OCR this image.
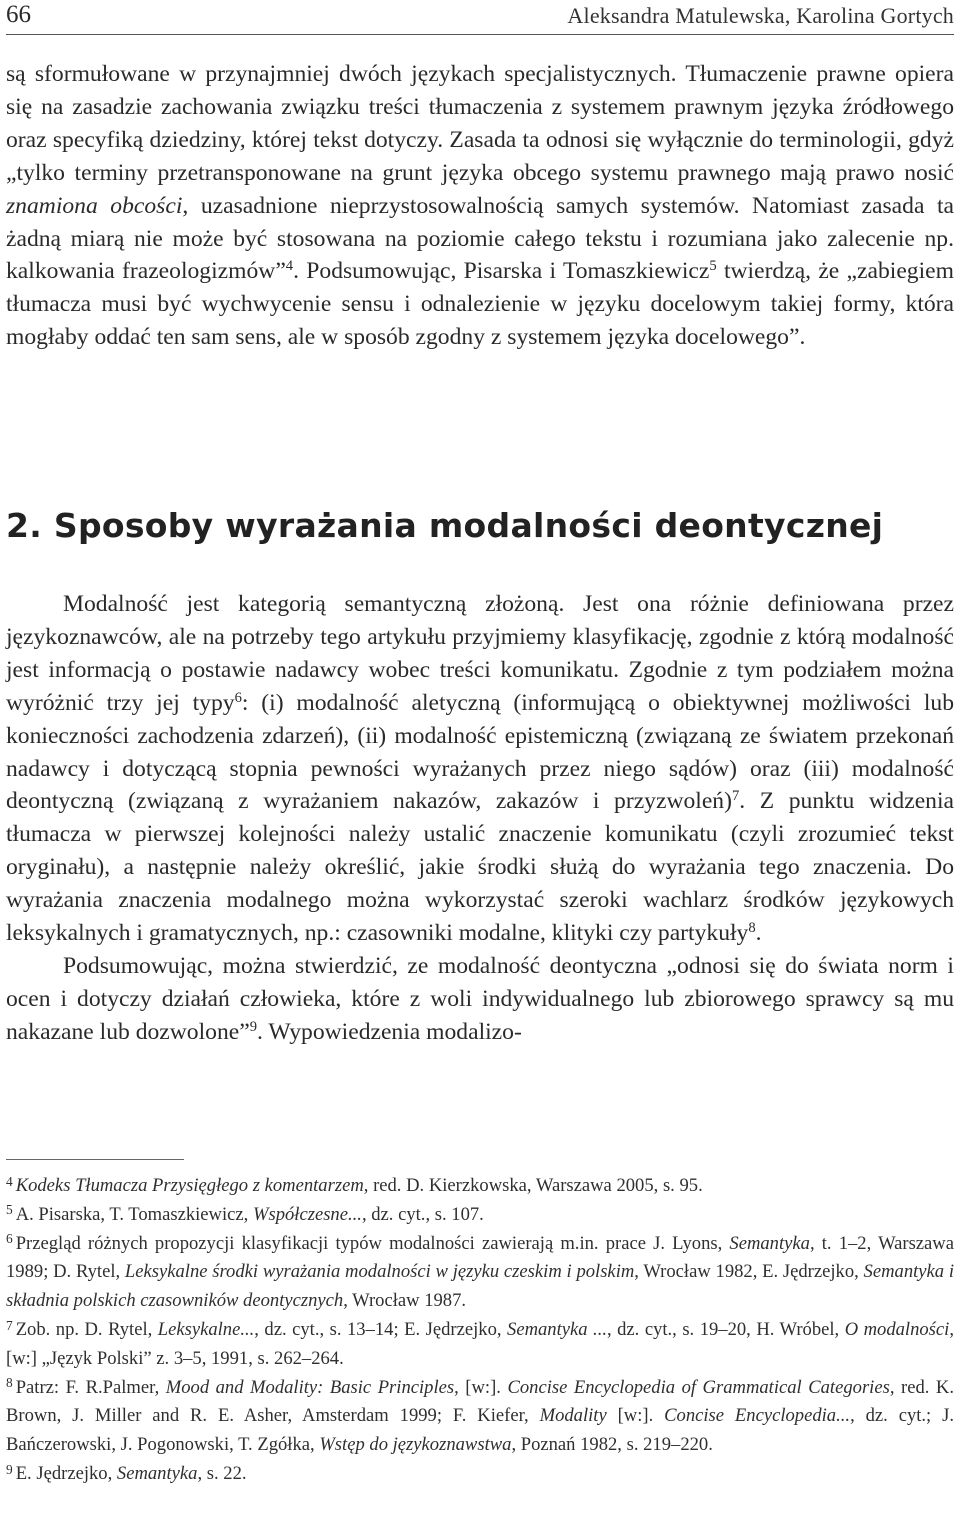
66	Aleksandra Matulewska, Karolina Gortych

są sformułowane w przynajmniej dwóch językach specjalistycznych. Tłumaczenie prawne opiera się na zasadzie zachowania związku treści tłumaczenia z systemem prawnym języka źródłowego oraz specyfiką dziedziny, której tekst dotyczy. Zasada ta odnosi się wyłącznie do terminologii, gdyż „tylko terminy przetransponowane na grunt języka obcego systemu prawnego mają prawo nosić znamiona obcości, uzasadnione nieprzystosowalnością samych systemów. Natomiast zasada ta żadną miarą nie może być stosowana na poziomie całego tekstu i rozumiana jako zalecenie np. kalkowania frazeologizmów”$^4$. Podsumowując, Pisarska i Tomaszkiewicz$^5$ twierdzą, że „zabiegiem tłumacza musi być wychwycenie sensu i odnalezienie w języku docelowym takiej formy, która mogłaby oddać ten sam sens, ale w sposób zgodny z systemem języka docelowego”.

2. Sposoby wyrażania modalności deontycznej

Modalność jest kategorią semantyczną złożoną. Jest ona różnie definiowana przez językoznawców, ale na potrzeby tego artykułu przyjmiemy klasyfikację, zgodnie z którą modalność jest informacją o postawie nadawcy wobec treści komunikatu. Zgodnie z tym podziałem można wyróżnić trzy jej typy$^6$: (i) modalność aletyczną (informującą o obiektywnej możliwości lub konieczności zachodzenia zdarzeń), (ii) modalność epistemiczną (związaną ze światem przekonań nadawcy i dotyczącą stopnia pewności wyrażanych przez niego sądów) oraz (iii) modalność deontyczną (związaną z wyrażaniem nakazów, zakazów i przyzwoleń)$^7$. Z punktu widzenia tłumacza w pierwszej kolejności należy ustalić znaczenie komunikatu (czyli zrozumieć tekst oryginału), a następnie należy określić, jakie środki służą do wyrażania tego znaczenia. Do wyrażania znaczenia modalnego można wykorzystać szeroki wachlarz środków językowych leksykalnych i gramatycznych, np.: czasowniki modalne, klityki czy partykuły$^8$.

Podsumowując, można stwierdzić, ze modalność deontyczna „odnosi się do świata norm i ocen i dotyczy działań człowieka, które z woli indywidualnego lub zbiorowego sprawcy są mu nakazane lub dozwolone”$^9$. Wypowiedzenia modalizo-

$^4$ Kodeks Tłumacza Przysięgłego z komentarzem, red. D. Kierzkowska, Warszawa 2005, s. 95.

$^5$ A. Pisarska, T. Tomaszkiewicz, Współczesne..., dz. cyt., s. 107.

$^6$ Przegląd różnych propozycji klasyfikacji typów modalności zawierają m.in. prace J. Lyons, Semantyka, t. 1–2, Warszawa 1989; D. Rytel, Leksykalne środki wyrażania modalności w języku czeskim i polskim, Wrocław 1982, E. Jędrzejko, Semantyka i składnia polskich czasowników deontycznych, Wrocław 1987.

$^7$ Zob. np. D. Rytel, Leksykalne..., dz. cyt., s. 13–14; E. Jędrzejko, Semantyka ..., dz. cyt., s. 19–20, H. Wróbel, O modalności, [w:] „Język Polski” z. 3–5, 1991, s. 262–264.

$^8$ Patrz: F. R.Palmer, Mood and Modality: Basic Principles, [w:]. Concise Encyclopedia of Grammatical Categories, red. K. Brown, J. Miller and R. E. Asher, Amsterdam 1999; F. Kiefer, Modality [w:]. Concise Encyclopedia..., dz. cyt.; J. Bańczerowski, J. Pogonowski, T. Zgółka, Wstęp do językoznawstwa, Poznań 1982, s. 219–220.

$^9$ E. Jędrzejko, Semantyka, s. 22.
